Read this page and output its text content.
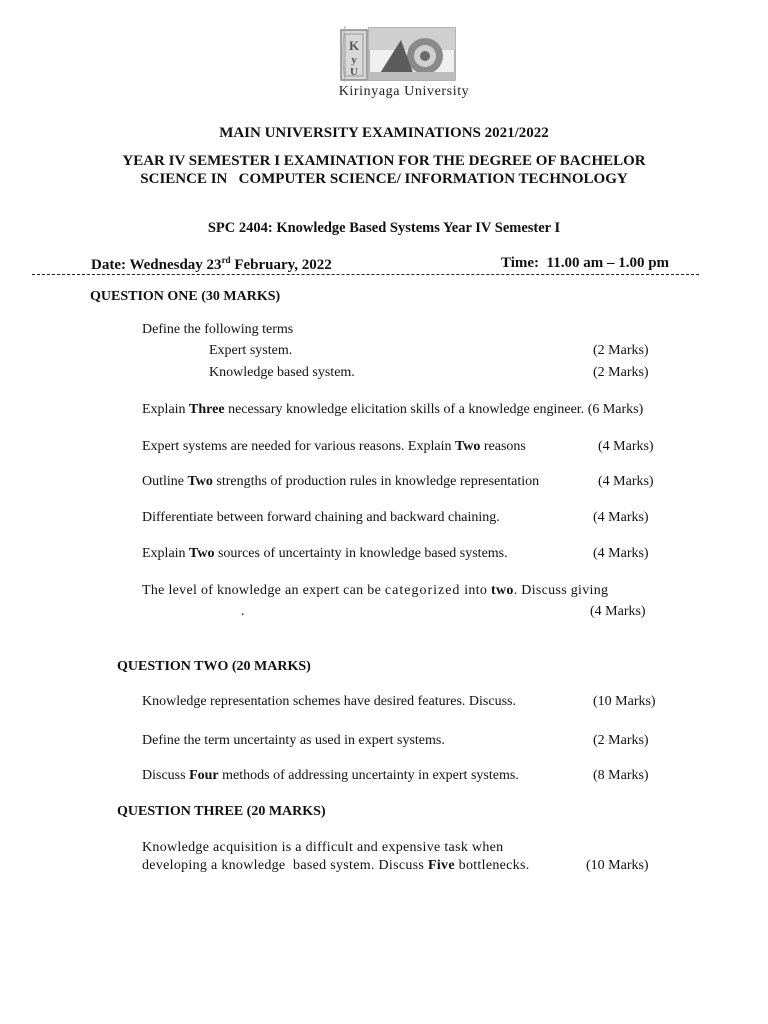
K
y
U
Kirinyaga University
MAIN UNIVERSITY EXAMINATIONS 2021/2022
YEAR IV SEMESTER I EXAMINATION FOR THE DEGREE OF BACHELOR
SCIENCE IN   COMPUTER SCIENCE/ INFORMATION TECHNOLOGY
SPC 2404: Knowledge Based Systems Year IV Semester I
Date: Wednesday 23rd February, 2022	Time:  11.00 am – 1.00 pm
QUESTION ONE (30 MARKS)
Define the following terms
Expert system.	(2 Marks)
Knowledge based system.	(2 Marks)
Explain Three necessary knowledge elicitation skills of a knowledge engineer. (6 Marks)
Expert systems are needed for various reasons. Explain Two reasons	(4 Marks)
Outline Two strengths of production rules in knowledge representation	(4 Marks)
Differentiate between forward chaining and backward chaining.	(4 Marks)
Explain Two sources of uncertainty in knowledge based systems.	(4 Marks)
The level of knowledge an expert can be categorized into two. Discuss giving
.	(4 Marks)
QUESTION TWO (20 MARKS)
Knowledge representation schemes have desired features. Discuss.	(10 Marks)
Define the term uncertainty as used in expert systems.	(2 Marks)
Discuss Four methods of addressing uncertainty in expert systems.	(8 Marks)
QUESTION THREE (20 MARKS)
Knowledge acquisition is a difficult and expensive task when
developing a knowledge  based system. Discuss Five bottlenecks.	(10 Marks)
